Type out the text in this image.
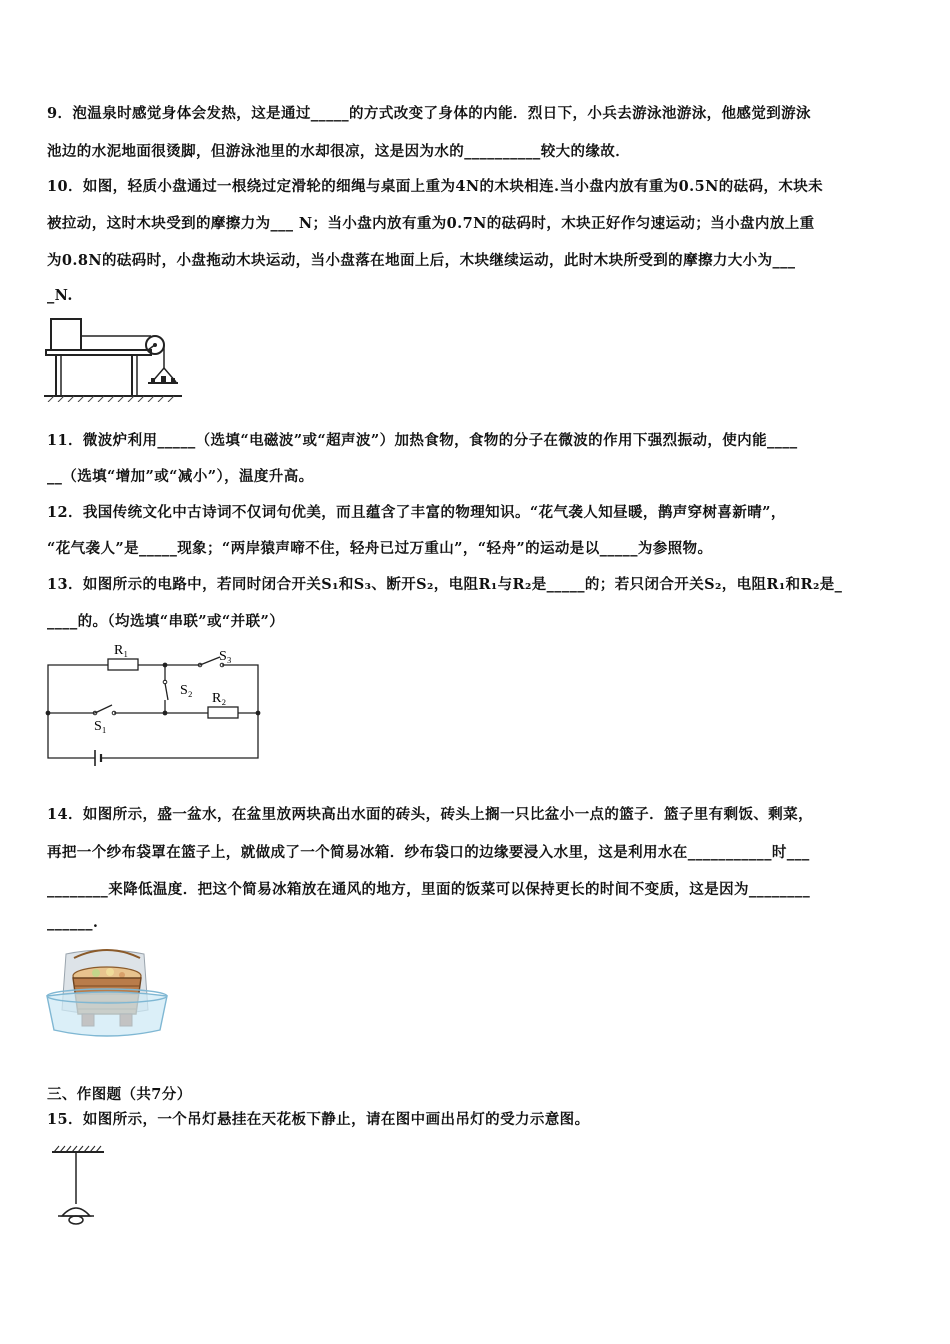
9．泡温泉时感觉身体会发热，这是通过_____的方式改变了身体的内能．烈日下，小兵去游泳池游泳，他感觉到游泳
池边的水泥地面很烫脚，但游泳池里的水却很凉，这是因为水的__________较大的缘故．
10．如图，轻质小盘通过一根绕过定滑轮的细绳与桌面上重为4N的木块相连.当小盘内放有重为0.5N的砝码，木块未
被拉动，这时木块受到的摩擦力为___ N；当小盘内放有重为0.7N的砝码时，木块正好作匀速运动；当小盘内放上重
为0.8N的砝码时，小盘拖动木块运动，当小盘落在地面上后，木块继续运动，此时木块所受到的摩擦力大小为___
_N.
11．微波炉利用_____（选填“电磁波”或“超声波”）加热食物，食物的分子在微波的作用下强烈振动，使内能____
__（选填“增加”或“减小”），温度升高。
12．我国传统文化中古诗词不仅词句优美，而且蕴含了丰富的物理知识。“花气袭人知昼暖，鹊声穿树喜新晴”，
“花气袭人”是_____现象；“两岸猿声啼不住，轻舟已过万重山”，“轻舟”的运动是以_____为参照物。
13．如图所示的电路中，若同时闭合开关S₁和S₃、断开S₂，电阻R₁与R₂是_____的；若只闭合开关S₂，电阻R₁和R₂是_
____的。（均选填“串联”或“并联”）
R₁
R₂
S₃
S₂
S₁
14．如图所示，盛一盆水，在盆里放两块高出水面的砖头，砖头上搁一只比盆小一点的篮子．篮子里有剩饭、剩菜，
再把一个纱布袋罩在篮子上，就做成了一个简易冰箱．纱布袋口的边缘要浸入水里，这是利用水在___________时___
________来降低温度．把这个简易冰箱放在通风的地方，里面的饭菜可以保持更长的时间不变质，这是因为________
______.
三、作图题（共7分）
15．如图所示，一个吊灯悬挂在天花板下静止，请在图中画出吊灯的受力示意图。
